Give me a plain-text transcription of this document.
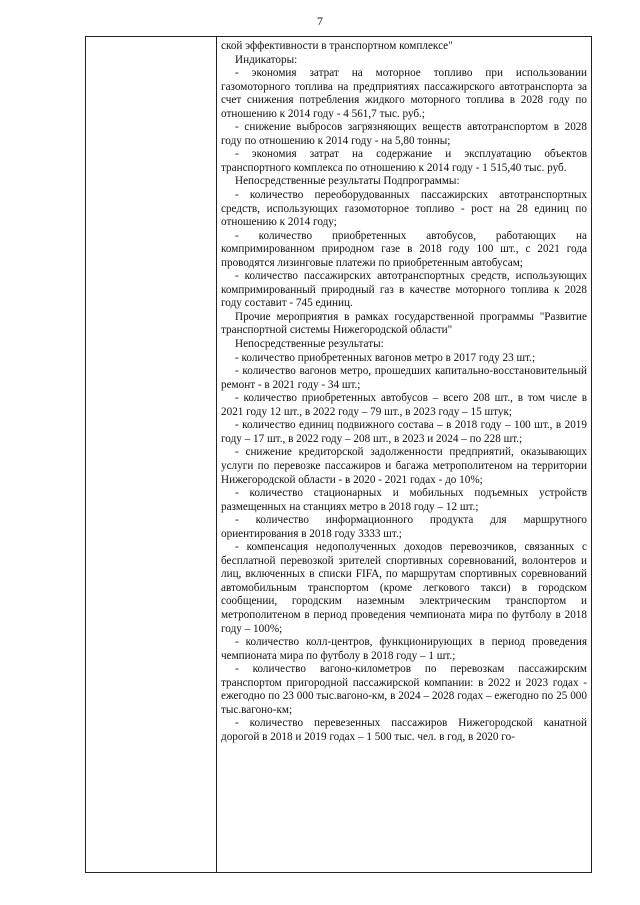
7

ской эффективности в транспортном комплексе"

Индикаторы:

- экономия затрат на моторное топливо при использовании газомоторного топлива на предприятиях пассажирского автотранспорта за счет снижения потребления жидкого моторного топлива в 2028 году по отношению к 2014 году - 4 561,7 тыс. руб.;

- снижение выбросов загрязняющих веществ автотранспортом в 2028 году по отношению к 2014 году - на 5,80 тонны;

- экономия затрат на содержание и эксплуатацию объектов транспортного комплекса по отношению к 2014 году - 1 515,40 тыс. руб.

Непосредственные результаты Подпрограммы:

- количество переоборудованных пассажирских автотранспортных средств, использующих газомоторное топливо - рост на 28 единиц по отношению к 2014 году;

- количество приобретенных автобусов, работающих на компримированном природном газе в 2018 году 100 шт., с 2021 года проводятся лизинговые платежи по приобретенным автобусам;

- количество пассажирских автотранспортных средств, использующих компримированный природный газ в качестве моторного топлива к 2028 году составит - 745 единиц.

Прочие мероприятия в рамках государственной программы "Развитие транспортной системы Нижегородской области"

Непосредственные результаты:

- количество приобретенных вагонов метро в 2017 году 23 шт.;

- количество вагонов метро, прошедших капитально-восстановительный ремонт - в 2021 году - 34 шт.;

- количество приобретенных автобусов – всего 208 шт., в том числе в 2021 году 12 шт., в 2022 году – 79 шт., в 2023 году – 15 штук;

- количество единиц подвижного состава – в 2018 году – 100 шт., в 2019 году – 17 шт., в 2022 году – 208 шт., в 2023 и 2024 – по 228 шт.;

- снижение кредиторской задолженности предприятий, оказывающих услуги по перевозке пассажиров и багажа метрополитеном на территории Нижегородской области - в 2020 - 2021 годах - до 10%;

- количество стационарных и мобильных подъемных устройств размещенных на станциях метро в 2018 году – 12 шт.;

- количество информационного продукта для маршрутного ориентирования в 2018 году 3333 шт.;

- компенсация недополученных доходов перевозчиков, связанных с бесплатной перевозкой зрителей спортивных соревнований, волонтеров и лиц, включенных в списки FIFA, по маршрутам спортивных соревнований автомобильным транспортом (кроме легкового такси) в городском сообщении, городским наземным электрическим транспортом и метрополитеном в период проведения чемпионата мира по футболу в 2018 году – 100%;

- количество колл-центров, функционирующих в период проведения чемпионата мира по футболу в 2018 году – 1 шт.;

- количество вагоно-километров по перевозкам пассажирским транспортом пригородной пассажирской компании: в 2022 и 2023 годах - ежегодно по 23 000 тыс.вагоно-км, в 2024 – 2028 годах – ежегодно по 25 000 тыс.вагоно-км;

- количество перевезенных пассажиров Нижегородской канатной дорогой в 2018 и 2019 годах – 1 500 тыс. чел. в год, в 2020 го-
